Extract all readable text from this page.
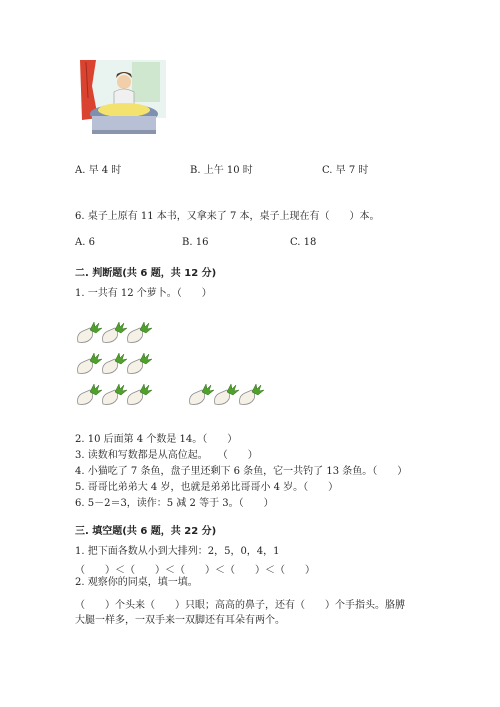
A. 早 4 时	B. 上午 10 时	C. 早 7 时
6. 桌子上原有 11 本书，又拿来了 7 本，桌子上现在有（　　）本。
A. 6	B. 16	C. 18
二. 判断题(共 6 题，共 12 分)
1. 一共有 12 个萝卜。（　　）
2. 10 后面第 4 个数是 14。（　　）
3. 读数和写数都是从高位起。　　（　　）
4. 小猫吃了 7 条鱼，盘子里还剩下 6 条鱼，它一共钓了 13 条鱼。（　　）
5. 哥哥比弟弟大 4 岁，也就是弟弟比哥哥小 4 岁。（　　）
6. 5－2＝3，读作：5 减 2 等于 3。（　　）
三. 填空题(共 6 题，共 22 分)
1. 把下面各数从小到大排列：2，5，0，4，1
（　　）＜（　　）＜（　　）＜（　　）＜（　　）
2. 观察你的同桌，填一填。
（　　）个头来（　　）只眼；高高的鼻子，还有（　　）个手指头。胳膊
大腿一样多，一双手来一双脚还有耳朵有两个。
